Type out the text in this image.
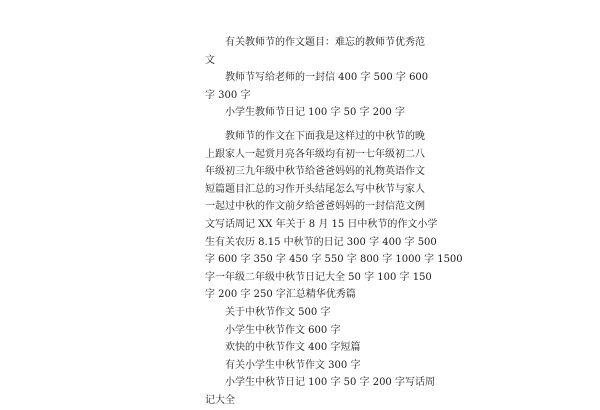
有关教师节的作文题目：难忘的教师节优秀范
文
教师节写给老师的一封信 400 字 500 字 600
字 300 字
小学生教师节日记 100 字 50 字 200 字
教师节的作文在下面我是这样过的中秋节的晚
上跟家人一起赏月亮各年级均有初一七年级初二八
年级初三九年级中秋节给爸爸妈妈的礼物英语作文
短篇题目汇总的习作开头结尾怎么写中秋节与家人
一起过中秋的作文前夕给爸爸妈妈的一封信范文例
文写话周记 XX 年关于 8 月 15 日中秋节的作文小学
生有关农历 8.15 中秋节的日记 300 字 400 字 500
字 600 字 350 字 450 字 550 字 800 字 1000 字 1500
字一年级二年级中秋节日记大全 50 字 100 字 150
字 200 字 250 字汇总精华优秀篇
关于中秋节作文 500 字
小学生中秋节作文 600 字
欢快的中秋节作文 400 字短篇
有关小学生中秋节作文 300 字
小学生中秋节日记 100 字 50 字 200 字写话周
记大全
